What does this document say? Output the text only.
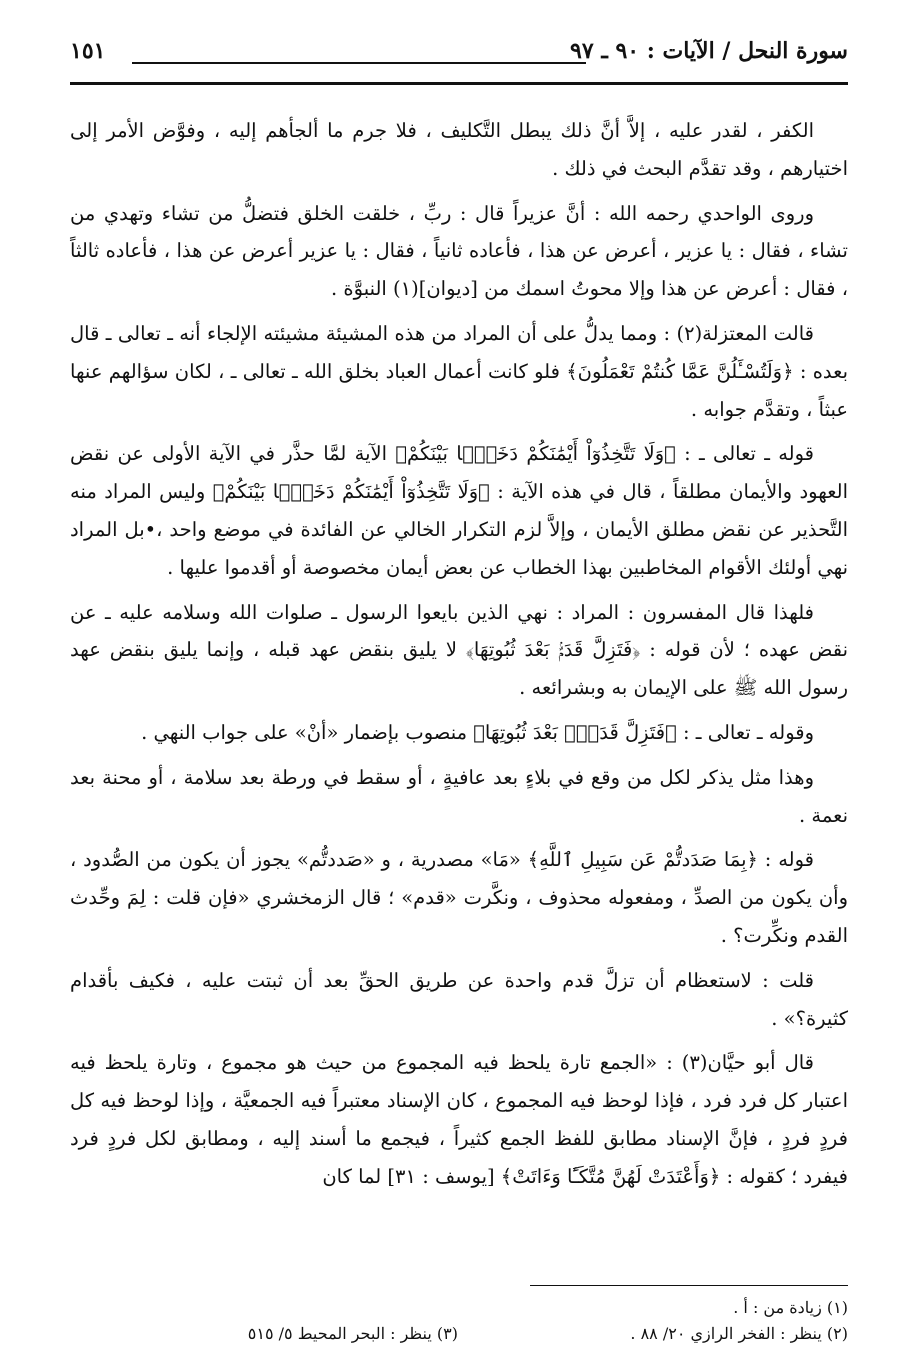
سورة النحل / الآيات : ٩٠ ـ ٩٧
١٥١

الكفر ، لقدر عليه ، إلاَّ أنَّ ذلك يبطل التَّكليف ، فلا جرم ما ألجأهم إليه ، وفوَّض الأمر إلى اختيارهم ، وقد تقدَّم البحث في ذلك .

وروى الواحدي رحمه الله : أنَّ عزيراً قال : ربِّ ، خلقت الخلق فتضلُّ من تشاء وتهدي من تشاء ، فقال : يا عزير ، أعرض عن هذا ، فأعاده ثانياً ، فقال : يا عزير أعرض عن هذا ، فأعاده ثالثاً ، فقال : أعرض عن هذا وإلا محوتُ اسمك من [ديوان](١) النبوَّة .

قالت المعتزلة(٢) : ومما يدلُّ على أن المراد من هذه المشيئة مشيئته الإلجاء أنه ـ تعالى ـ قال بعده : ﴿وَلَتُسْـَٔلُنَّ عَمَّا كُنتُمْ تَعْمَلُونَ﴾ فلو كانت أعمال العباد بخلق الله ـ تعالى ـ ، لكان سؤالهم عنها عبثاً ، وتقدَّم جوابه .

قوله ـ تعالى ـ : ﴿وَلَا تَتَّخِذُوٓاْ أَيْمَٰنَكُمْ دَخَلًۢا بَيْنَكُمْ﴾ الآية لمَّا حذَّر في الآية الأولى عن نقض العهود والأيمان مطلقاً ، قال في هذه الآية : ﴿وَلَا تَتَّخِذُوٓاْ أَيْمَٰنَكُمْ دَخَلًۢا بَيْنَكُمْ﴾ وليس المراد منه التَّحذير عن نقض مطلق الأيمان ، وإلاَّ لزم التكرار الخالي عن الفائدة في موضع واحد ،•بل المراد نهي أولئك الأقوام المخاطبين بهذا الخطاب عن بعض أيمان مخصوصة أو أقدموا عليها .

فلهذا قال المفسرون : المراد : نهي الذين بايعوا الرسول ـ صلوات الله وسلامه عليه ـ عن نقض عهده ؛ لأن قوله : ﴿فَتَزِلَّ قَدَمٌۢ بَعْدَ ثُبُوتِهَا﴾ لا يليق بنقض عهد قبله ، وإنما يليق بنقض عهد رسول الله ﷺ على الإيمان به وبشرائعه .

وقوله ـ تعالى ـ : ﴿فَتَزِلَّ قَدَمٌۢ بَعْدَ ثُبُوتِهَا﴾ منصوب بإضمار «أنْ» على جواب النهي .

وهذا مثل يذكر لكل من وقع في بلاءٍ بعد عافيةٍ ، أو سقط في ورطة بعد سلامة ، أو محنة بعد نعمة .

قوله : ﴿بِمَا صَدَدتُّمْ عَن سَبِيلِ ٱللَّهِ﴾ «مَا» مصدرية ، و «صَددتُّم» يجوز أن يكون من الصُّدود ، وأن يكون من الصدِّ ، ومفعوله محذوف ، ونكَّرت «قدم» ؛ قال الزمخشري «فإن قلت : لِمَ وحِّدث القدم ونكِّرت؟ .

قلت : لاستعظام أن تزلَّ قدم واحدة عن طريق الحقِّ بعد أن ثبتت عليه ، فكيف بأقدام كثيرة؟» .

قال أبو حيَّان(٣) : «الجمع تارة يلحظ فيه المجموع من حيث هو مجموع ، وتارة يلحظ فيه اعتبار كل فرد فرد ، فإذا لوحظ فيه المجموع ، كان الإسناد معتبراً فيه الجمعيَّة ، وإذا لوحظ فيه كل فردٍ فردٍ ، فإنَّ الإسناد مطابق للفظ الجمع كثيراً ، فيجمع ما أسند إليه ، ومطابق لكل فردٍ فرد فيفرد ؛ كقوله : ﴿وَأَعْتَدَتْ لَهُنَّ مُتَّكَـًٔا وَءَاتَتْ﴾ [يوسف : ٣١] لما كان

(١) زيادة من : أ .
(٢) ينظر : الفخر الرازي ٢٠/ ٨٨ .
(٣) ينظر : البحر المحيط ٥/ ٥١٥
